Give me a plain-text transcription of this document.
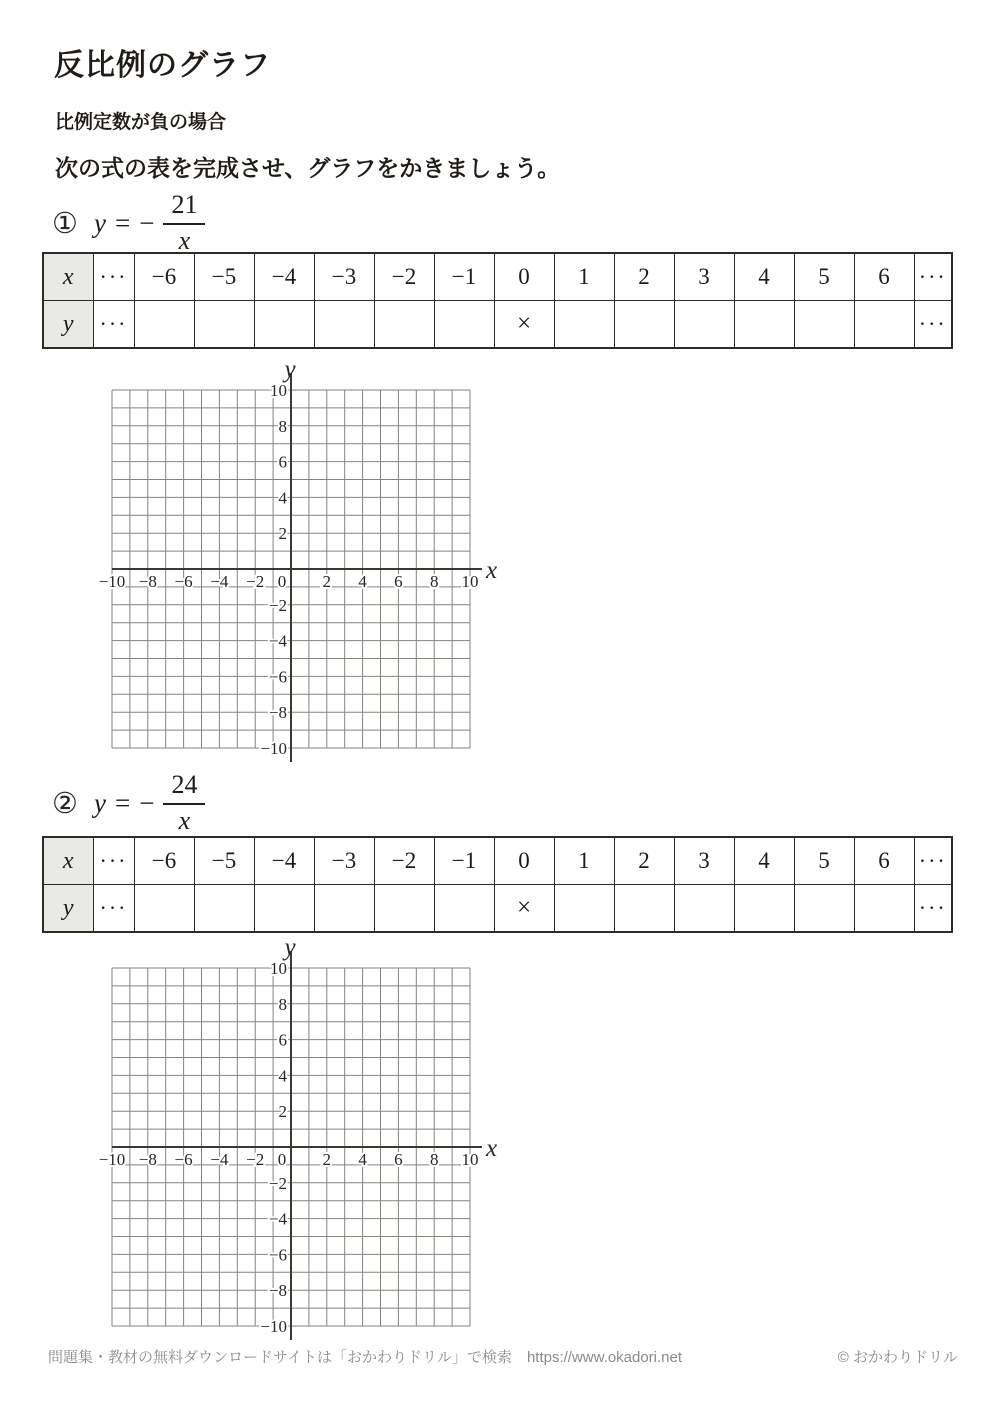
反比例のグラフ
比例定数が負の場合
次の式の表を完成させ、グラフをかきましょう。
① y = − $\frac{21}{x}$
x	···	−6	−5	−4	−3	−2	−1	0	1	2	3	4	5	6	···
y	···							×							···
−10 −8 −6 −4 −2	2 4 6 8 10
0
10
8
6
4
2
−2
−4
−6
−8
−10
x
y
② y = − $\frac{24}{x}$
x	···	−6	−5	−4	−3	−2	−1	0	1	2	3	4	5	6	···
y	···							×							···
−10 −8 −6 −4 −2	2 4 6 8 10
0
10
8
6
4
2
−2
−4
−6
−8
−10
x
y
問題集・教材の無料ダウンロードサイトは「おかわりドリル」で検索　https://www.okadori.net	© おかわりドリル
